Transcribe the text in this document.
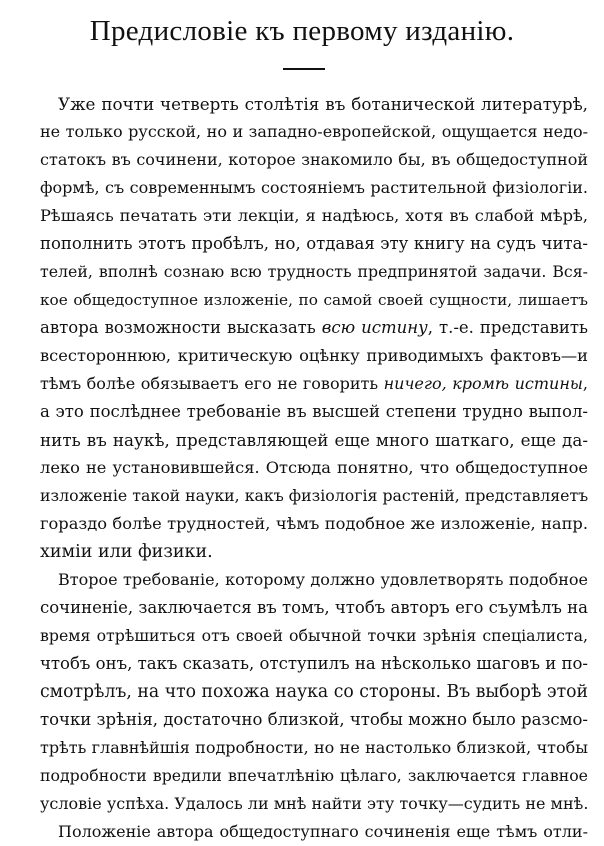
Предисловіе къ первому изданію.
Уже почти четверть столѣтія въ ботанической литературѣ,
не только русской, но и западно-европейской, ощущается недо-
статокъ въ сочинени, которое знакомило бы, въ общедоступной
формѣ, съ современнымъ состояніемъ растительной физіологіи.
Рѣшаясь печатать эти лекціи, я надѣюсь, хотя въ слабой мѣрѣ,
пополнить этотъ пробѣлъ, но, отдавая эту книгу на судъ чита-
телей, вполнѣ сознаю всю трудность предпринятой задачи. Вся-
кое общедоступное изложеніе, по самой своей сущности, лишаетъ
автора возможности высказать всю истину, т.-е. представить
всестороннюю, критическую оцѣнку приводимыхъ фактовъ—и
тѣмъ болѣе обязываетъ его не говорить ничего, кромѣ истины,
а это послѣднее требованіе въ высшей степени трудно выпол-
нить въ наукѣ, представляющей еще много шаткаго, еще да-
леко не установившейся. Отсюда понятно, что общедоступное
изложеніе такой науки, какъ физіологія растеній, представляетъ
гораздо болѣе трудностей, чѣмъ подобное же изложеніе, напр.
химіи или физики.
Второе требованіе, которому должно удовлетворять подобное
сочиненіе, заключается въ томъ, чтобъ авторъ его съумѣлъ на
время отрѣшиться отъ своей обычной точки зрѣнія спеціалиста,
чтобъ онъ, такъ сказать, отступилъ на нѣсколько шаговъ и по-
смотрѣлъ, на что похожа наука со стороны. Въ выборѣ этой
точки зрѣнія, достаточно близкой, чтобы можно было разсмо-
трѣть главнѣйшія подробности, но не настолько близкой, чтобы
подробности вредили впечатлѣнію цѣлаго, заключается главное
условіе успѣха. Удалось ли мнѣ найти эту точку—судить не мнѣ.
Положеніе автора общедоступнаго сочиненія еще тѣмъ отли-
